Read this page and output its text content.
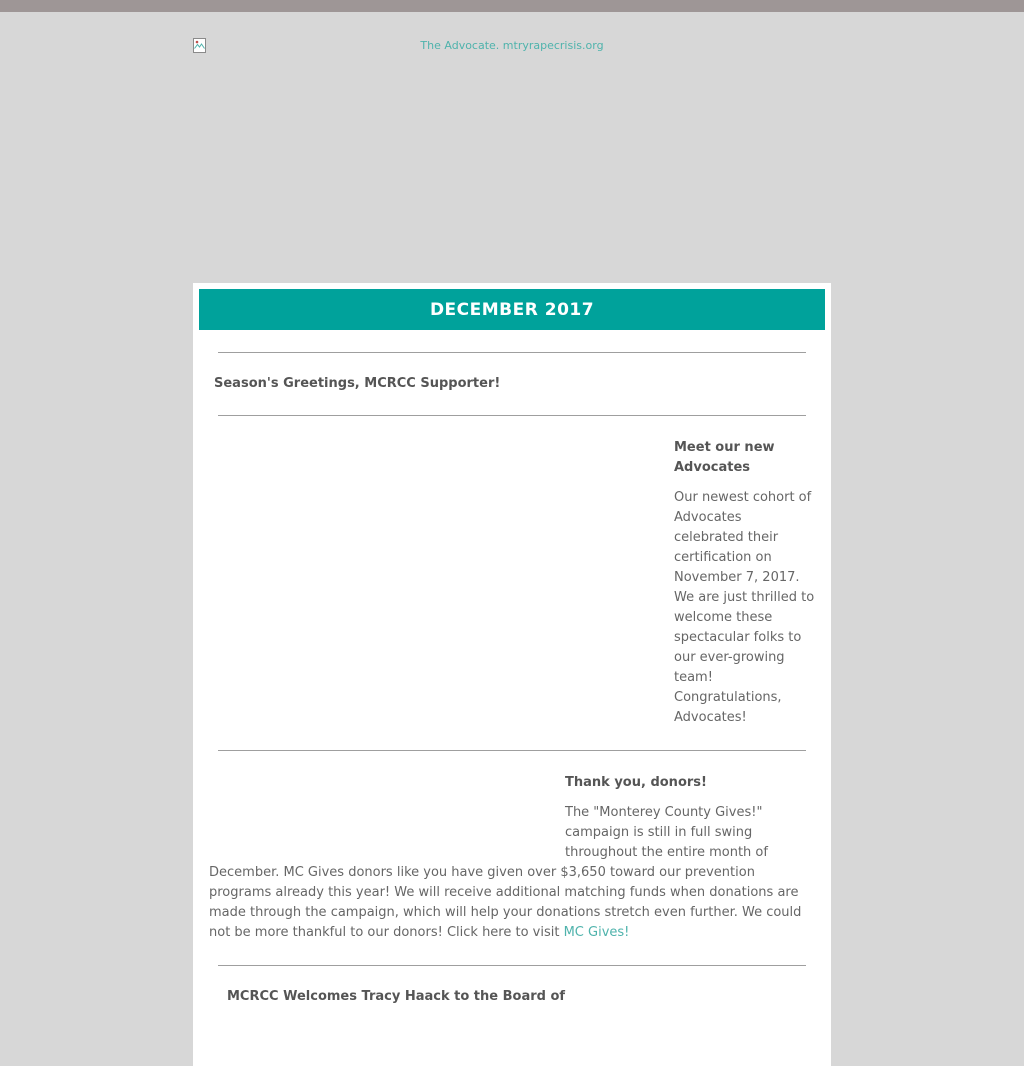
The Advocate. mtryrapecrisis.org
DECEMBER 2017

Season's Greetings, MCRCC Supporter!

Meet our new Advocates

Our newest cohort of Advocates celebrated their certification on November 7, 2017. We are just thrilled to welcome these spectacular folks to our ever-growing team! Congratulations, Advocates!

Thank you, donors!

The "Monterey County Gives!" campaign is still in full swing throughout the entire month of December. MC Gives donors like you have given over $3,650 toward our prevention programs already this year! We will receive additional matching funds when donations are made through the campaign, which will help your donations stretch even further. We could not be more thankful to our donors! Click here to visit MC Gives!

MCRCC Welcomes Tracy Haack to the Board of
